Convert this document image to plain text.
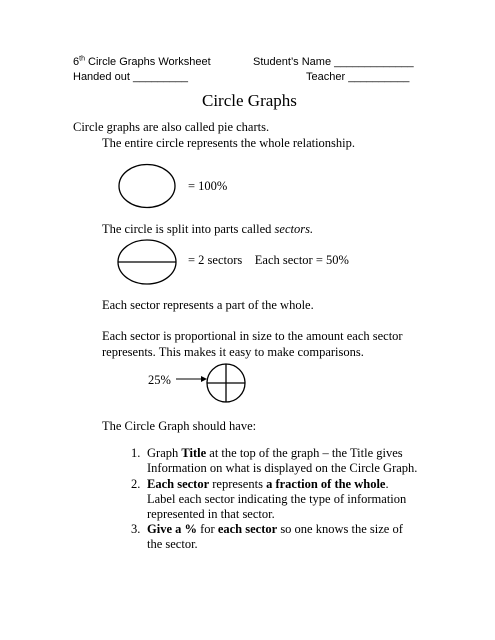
6th Circle Graphs Worksheet	Student’s Name _____________
Handed out _________	Teacher __________
Circle Graphs
Circle graphs are also called pie charts.
The entire circle represents the whole relationship.
= 100%
The circle is split into parts called sectors.
= 2 sectors    Each sector = 50%
Each sector represents a part of the whole.
Each sector is proportional in size to the amount each sector
represents. This makes it easy to make comparisons.
25%
The Circle Graph should have:
1. Graph Title at the top of the graph – the Title gives
Information on what is displayed on the Circle Graph.
2. Each sector represents a fraction of the whole.
Label each sector indicating the type of information
represented in that sector.
3. Give a % for each sector so one knows the size of
the sector.
